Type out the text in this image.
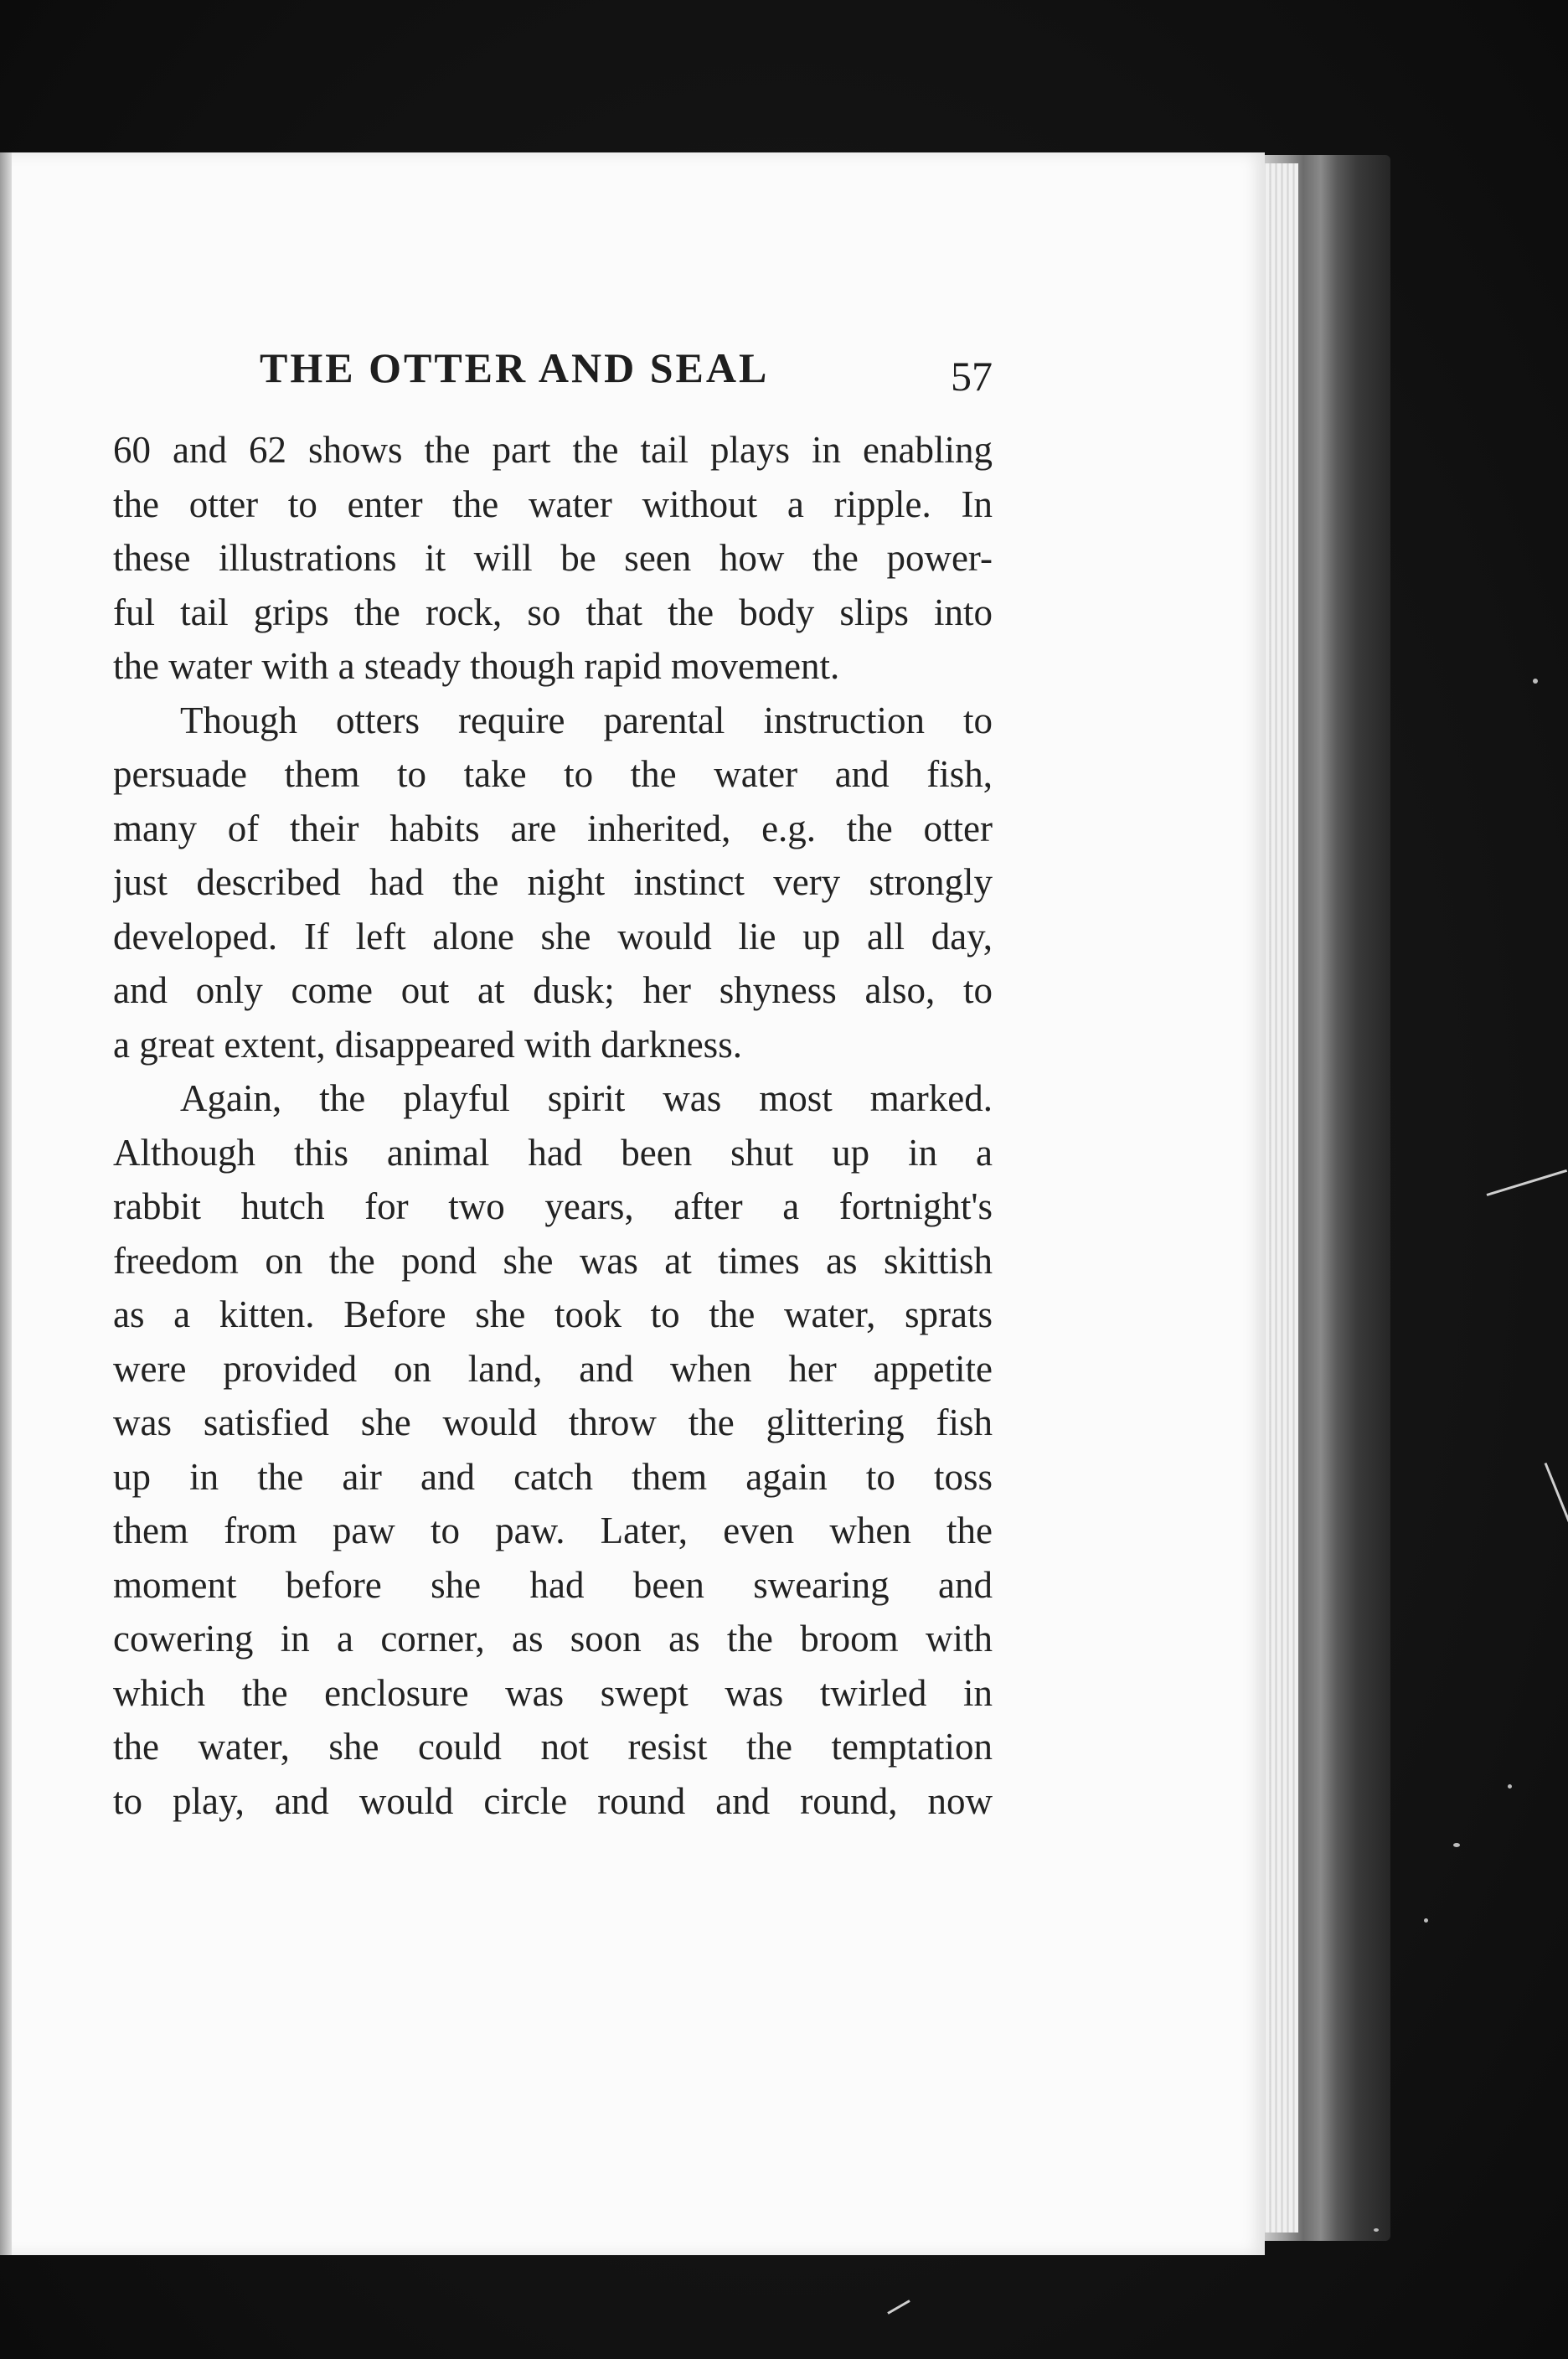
THE OTTER AND SEAL	57
60 and 62 shows the part the tail plays in enabling
the otter to enter the water without a ripple. In
these illustrations it will be seen how the power-
ful tail grips the rock, so that the body slips into
the water with a steady though rapid movement.
Though otters require parental instruction to
persuade them to take to the water and fish,
many of their habits are inherited, e.g. the otter
just described had the night instinct very strongly
developed. If left alone she would lie up all day,
and only come out at dusk; her shyness also, to
a great extent, disappeared with darkness.
Again, the playful spirit was most marked.
Although this animal had been shut up in a
rabbit hutch for two years, after a fortnight's
freedom on the pond she was at times as skittish
as a kitten. Before she took to the water, sprats
were provided on land, and when her appetite
was satisfied she would throw the glittering fish
up in the air and catch them again to toss
them from paw to paw. Later, even when the
moment before she had been swearing and
cowering in a corner, as soon as the broom with
which the enclosure was swept was twirled in
the water, she could not resist the temptation
to play, and would circle round and round, now
